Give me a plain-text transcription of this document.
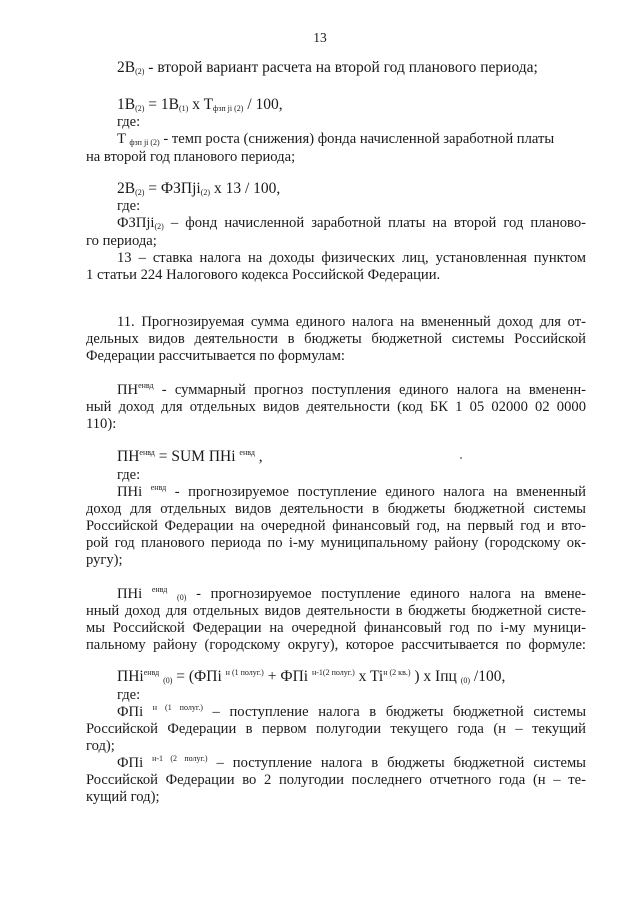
13
$2B_{(2)}$ - второй вариант расчета на второй год планового периода;
$1B_{(2)} = 1B_{(1)}$ x $T_{фзп ji (2)} / 100$,
где:
T $_{фзп ji (2)}$ - темп роста (снижения) фонда начисленной заработной платы
на второй год планового периода;
$2B_{(2)}$ = ФЗПji$_{(2)}$ x 13 / 100,
где:
ФЗПji$_{(2)}$ – фонд начисленной заработной платы на второй год планово-
го периода;
13 – ставка налога на доходы физических лиц, установленная пунктом
1 статьи 224 Налогового кодекса Российской Федерации.
11. Прогнозируемая сумма единого налога на вмененный доход для от-
дельных видов деятельности в бюджеты бюджетной системы Российской
Федерации рассчитывается по формулам:
$ПН^{енвд}$ - суммарный прогноз поступления единого налога на вмененн-
ный доход для отдельных видов деятельности (код БК 1 05 02000 02 0000
110):
$ПН^{енвд}$ = SUM ПНi $^{енвд}$ ,
где:
ПНi $^{енвд}$ - прогнозируемое поступление единого налога на вмененный
доход для отдельных видов деятельности в бюджеты бюджетной системы
Российской Федерации на очередной финансовый год, на первый год и вто-
рой год планового периода по i-му муниципальному району (городскому ок-
ругу);
ПНi $^{енвд}$ $_{(0)}$ - прогнозируемое поступление единого налога на вмене-
нный доход для отдельных видов деятельности в бюджеты бюджетной систе-
мы Российской Федерации на очередной финансовый год по i-му муници-
пальному району (городскому округу), которое рассчитывается по формуле:
ПНi$^{енвд}$ $_{(0)}$ = (ФПi $^{н (1 полуг.)}$ + ФПi $^{н-1(2 полуг.)}$ x $Ti^{н (2 кв.)}$ ) x Iпц $_{(0)}$ /100,
где:
ФПi $^{н (1 полуг.)}$ – поступление налога в бюджеты бюджетной системы
Российской Федерации в первом полугодии текущего года (н – текущий
год);
ФПi $^{н-1 (2 полуг.)}$ – поступление налога в бюджеты бюджетной системы
Российской Федерации во 2 полугодии последнего отчетного года (н – те-
кущий год);
